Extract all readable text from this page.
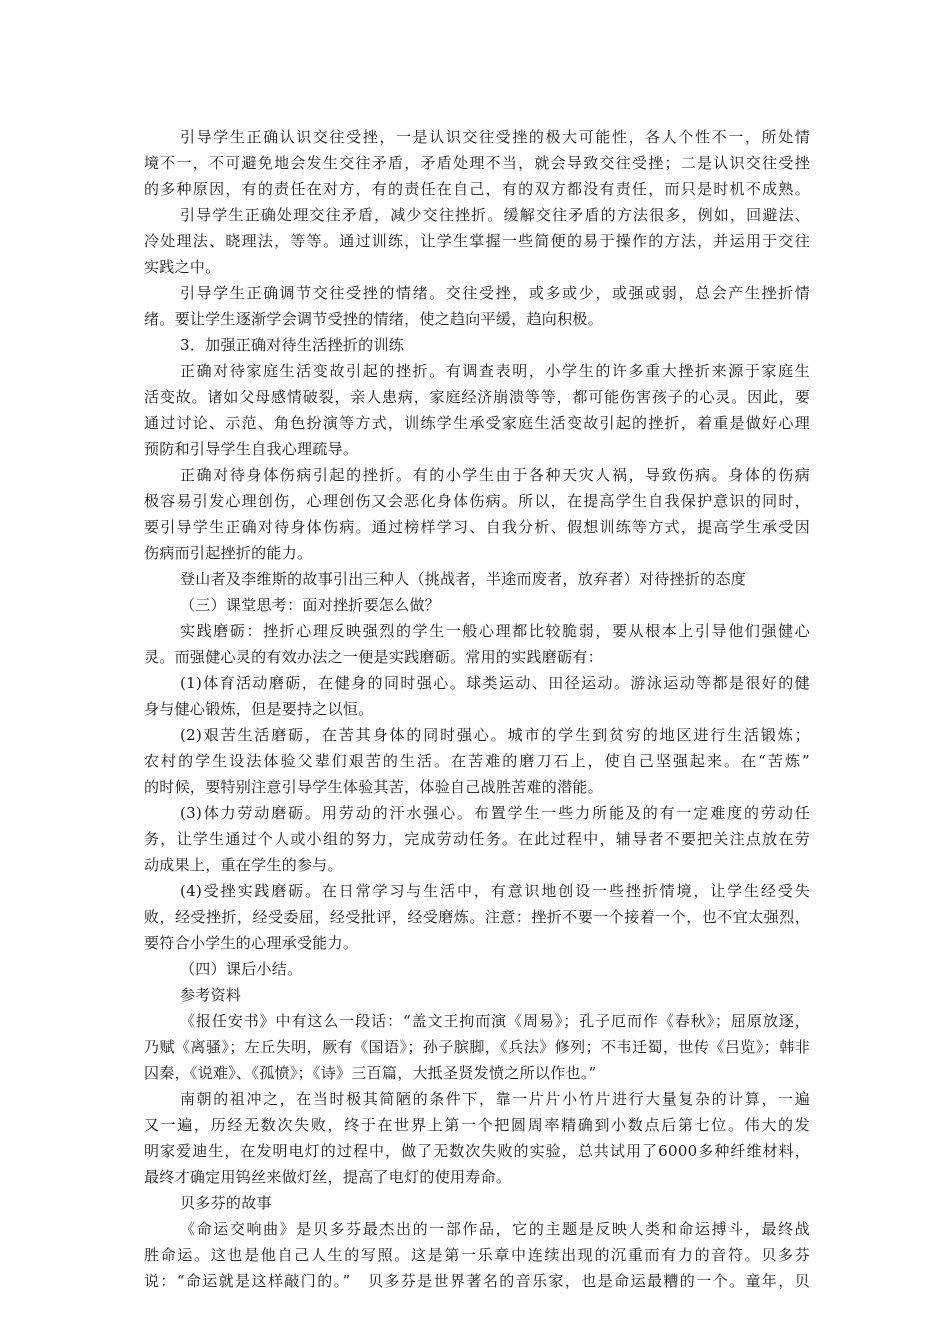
引导学生正确认识交往受挫，一是认识交往受挫的极大可能性，各人个性不一，所处情
境不一，不可避免地会发生交往矛盾，矛盾处理不当，就会导致交往受挫；二是认识交往受挫
的多种原因，有的责任在对方，有的责任在自己，有的双方都没有责任，而只是时机不成熟。
引导学生正确处理交往矛盾，减少交往挫折。缓解交往矛盾的方法很多，例如，回避法、
冷处理法、晓理法，等等。通过训练，让学生掌握一些简便的易于操作的方法，并运用于交往
实践之中。
引导学生正确调节交往受挫的情绪。交往受挫，或多或少，或强或弱，总会产生挫折情
绪。要让学生逐渐学会调节受挫的情绪，使之趋向平缓，趋向积极。
3．加强正确对待生活挫折的训练
正确对待家庭生活变故引起的挫折。有调查表明，小学生的许多重大挫折来源于家庭生
活变故。诸如父母感情破裂，亲人患病，家庭经济崩溃等等，都可能伤害孩子的心灵。因此，要
通过讨论、示范、角色扮演等方式，训练学生承受家庭生活变故引起的挫折，着重是做好心理
预防和引导学生自我心理疏导。
正确对待身体伤病引起的挫折。有的小学生由于各种天灾人祸，导致伤病。身体的伤病
极容易引发心理创伤，心理创伤又会恶化身体伤病。所以，在提高学生自我保护意识的同时，
要引导学生正确对待身体伤病。通过榜样学习、自我分析、假想训练等方式，提高学生承受因
伤病而引起挫折的能力。
登山者及李维斯的故事引出三种人（挑战者，半途而废者，放弃者）对待挫折的态度
（三）课堂思考：面对挫折要怎么做？
实践磨砺：挫折心理反映强烈的学生一般心理都比较脆弱，要从根本上引导他们强健心
灵。而强健心灵的有效办法之一便是实践磨砺。常用的实践磨砺有：
(1)体育活动磨砺，在健身的同时强心。球类运动、田径运动。游泳运动等都是很好的健
身与健心锻炼，但是要持之以恒。
(2)艰苦生活磨砺，在苦其身体的同时强心。城市的学生到贫穷的地区进行生活锻炼；
农村的学生设法体验父辈们艰苦的生活。在苦难的磨刀石上，使自己坚强起来。在“苦炼”
的时候，要特别注意引导学生体验其苦，体验自己战胜苦难的潜能。
(3)体力劳动磨砺。用劳动的汗水强心。布置学生一些力所能及的有一定难度的劳动任
务，让学生通过个人或小组的努力，完成劳动任务。在此过程中，辅导者不要把关注点放在劳
动成果上，重在学生的参与。
(4)受挫实践磨砺。在日常学习与生活中，有意识地创设一些挫折情境，让学生经受失
败，经受挫折，经受委屈，经受批评，经受磨炼。注意：挫折不要一个接着一个，也不宜太强烈，
要符合小学生的心理承受能力。
（四）课后小结。
参考资料
《报任安书》中有这么一段话：“盖文王拘而演《周易》；孔子厄而作《春秋》；屈原放逐，
乃赋《离骚》；左丘失明，厥有《国语》；孙子膑脚，《兵法》修列；不韦迁蜀，世传《吕览》；韩非
囚秦，《说难》、《孤愤》；《诗》三百篇，大抵圣贤发愤之所以作也。”
南朝的祖冲之，在当时极其简陋的条件下，靠一片片小竹片进行大量复杂的计算，一遍
又一遍，历经无数次失败，终于在世界上第一个把圆周率精确到小数点后第七位。伟大的发
明家爱迪生，在发明电灯的过程中，做了无数次失败的实验，总共试用了6000多种纤维材料，
最终才确定用钨丝来做灯丝，提高了电灯的使用寿命。
贝多芬的故事
《命运交响曲》是贝多芬最杰出的一部作品，它的主题是反映人类和命运搏斗，最终战
胜命运。这也是他自己人生的写照。这是第一乐章中连续出现的沉重而有力的音符。贝多芬
说：“命运就是这样敲门的。”　贝多芬是世界著名的音乐家，也是命运最糟的一个。童年，贝
